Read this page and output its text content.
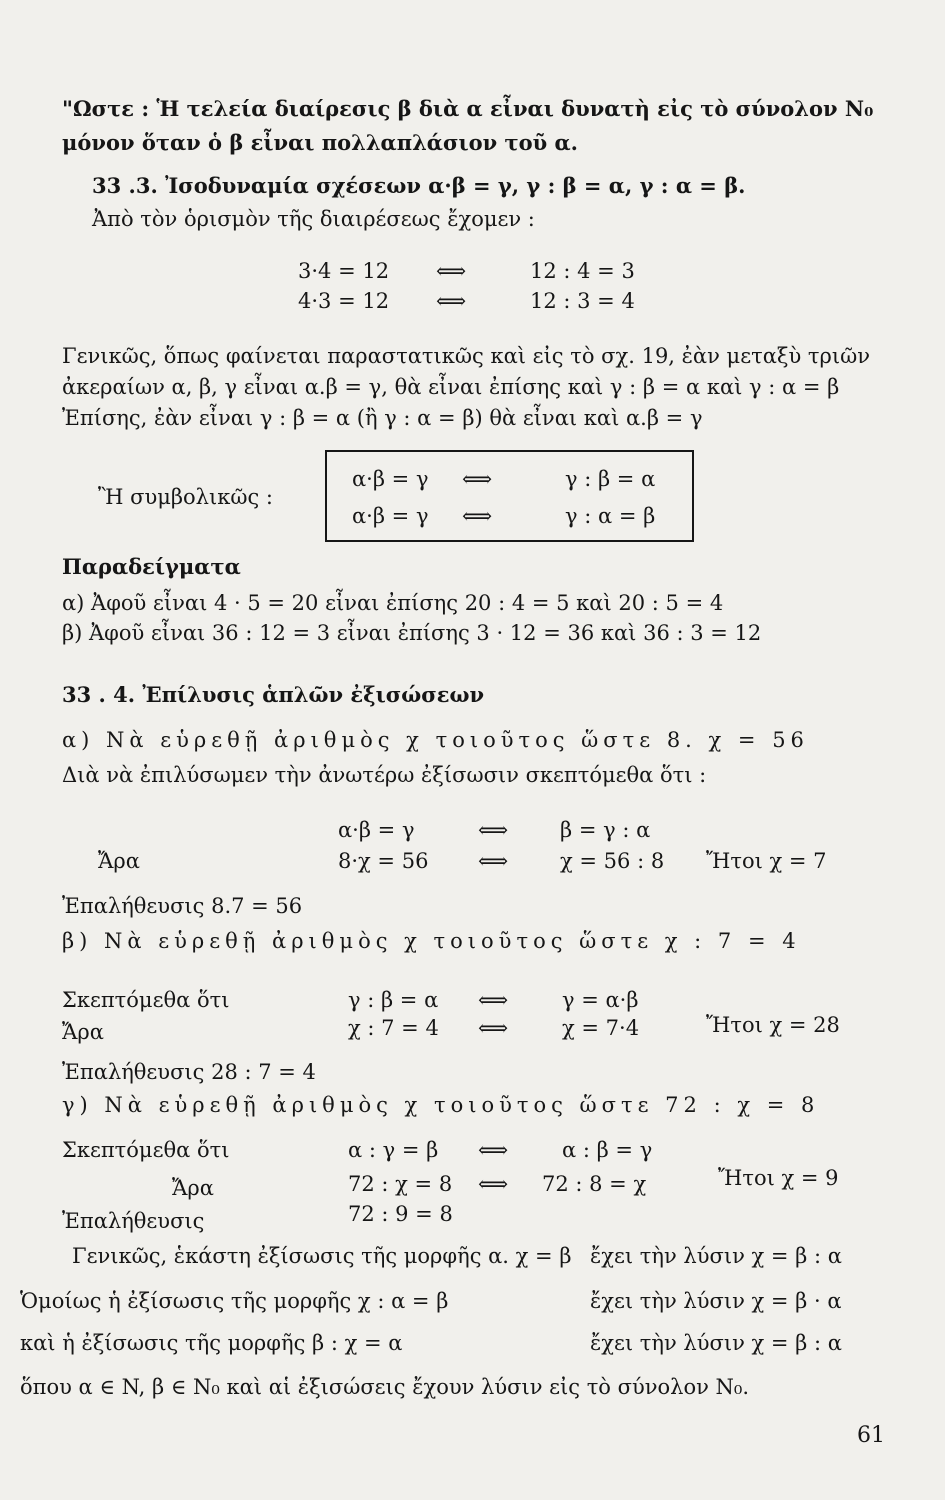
"Ωστε : Ἡ τελεία διαίρεσις β διὰ α εἶναι δυνατὴ εἰς τὸ σύνολον N₀
μόνον ὅταν ὁ β εἶναι πολλαπλάσιον τοῦ α.
33 .3. Ἰσοδυναμία σχέσεων α·β = γ, γ : β = α, γ : α = β.
Ἀπὸ τὸν ὁρισμὸν τῆς διαιρέσεως ἔχομεν :
3·4 = 12 ⟺	12 : 4 = 3
4·3 = 12 ⟺	12 : 3 = 4
Γενικῶς, ὅπως φαίνεται παραστατικῶς καὶ εἰς τὸ σχ. 19, ἐὰν μεταξὺ τριῶν
ἀκεραίων α, β, γ εἶναι α.β = γ, θὰ εἶναι ἐπίσης καὶ γ : β = α καὶ γ : α = β
Ἐπίσης, ἐὰν εἶναι γ : β = α (ἢ γ : α = β) θὰ εἶναι καὶ α.β = γ
Ἢ συμβολικῶς :
α·β = γ ⟺	γ : β = α
α·β = γ ⟺	γ : α = β
Παραδείγματα
α) Ἀφοῦ εἶναι 4 · 5 = 20 εἶναι ἐπίσης 20 : 4 = 5 καὶ 20 : 5 = 4
β) Ἀφοῦ εἶναι 36 : 12 = 3 εἶναι ἐπίσης 3 · 12 = 36 καὶ 36 : 3 = 12
33 . 4. Ἐπίλυσις ἁπλῶν ἐξισώσεων
α) Νὰ εὑρεθῇ ἀριθμὸς χ τοιοῦτος ὥστε 8. χ = 56
Διὰ νὰ ἐπιλύσωμεν τὴν ἀνωτέρω ἐξίσωσιν σκεπτόμεθα ὅτι :
α·β = γ	⟺ β = γ : α
Ἄρα	8·χ = 56 ⟺ χ = 56 : 8 Ἤτοι χ = 7
Ἐπαλήθευσις 8.7 = 56
β) Νὰ εὑρεθῇ ἀριθμὸς χ τοιοῦτος ὥστε χ : 7 = 4
Σκεπτόμεθα ὅτι	γ : β = α ⟺	γ = α·β
Ἄρα	χ : 7 = 4 ⟺	χ = 7·4	Ἤτοι χ = 28
Ἐπαλήθευσις 28 : 7 = 4
γ) Νὰ εὑρεθῇ ἀριθμὸς χ τοιοῦτος ὥστε 72 : χ = 8
Σκεπτόμεθα ὅτι	α : γ = β ⟺	α : β = γ
Ἄρα	72 : χ = 8 ⟺ 72 : 8 = χ	Ἤτοι χ = 9
Ἐπαλήθευσις	72 : 9 = 8
Γενικῶς, ἑκάστη ἐξίσωσις τῆς μορφῆς α. χ = β ἔχει τὴν λύσιν χ = β : α
Ὁμοίως ἡ ἐξίσωσις τῆς μορφῆς χ : α = β	ἔχει τὴν λύσιν χ = β · α
καὶ ἡ ἐξίσωσις τῆς μορφῆς β : χ = α	ἔχει τὴν λύσιν χ = β : α
ὅπου α ∈ N, β ∈ N₀ καὶ αἱ ἐξισώσεις ἔχουν λύσιν εἰς τὸ σύνολον N₀.
61
